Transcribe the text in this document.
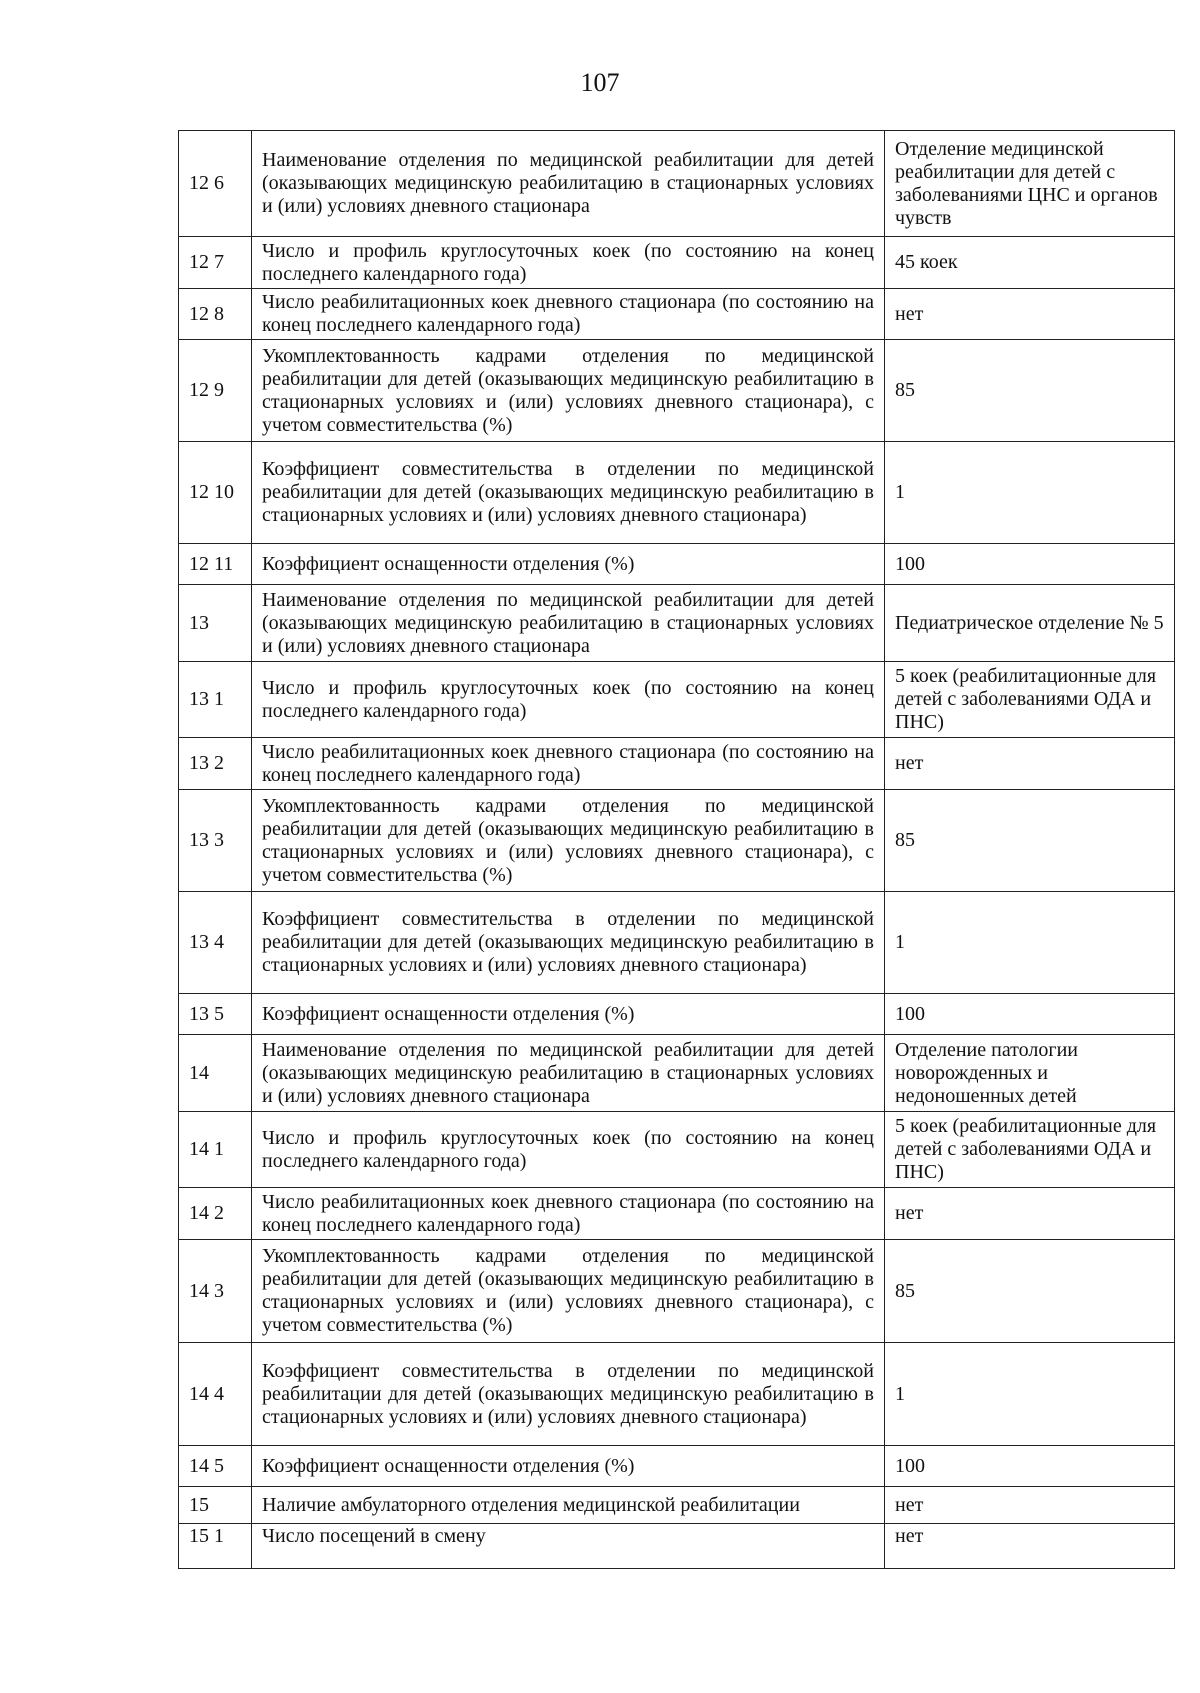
107
12 6	Наименование отделения по медицинской реабилитации для детей (оказывающих медицинскую реабилитацию в стационарных условиях и (или) условиях дневного стационара	Отделение медицинской реабилитации для детей с заболеваниями ЦНС и органов чувств
12 7	Число и профиль круглосуточных коек (по состоянию на конец последнего календарного года)	45 коек
12 8	Число реабилитационных коек дневного стационара (по состоянию на конец последнего календарного года)	нет
12 9	Укомплектованность кадрами отделения по медицинской реабилитации для детей (оказывающих медицинскую реабилитацию в стационарных условиях и (или) условиях дневного стационара), с учетом совместительства (%)	85
12 10	Коэффициент совместительства в отделении по медицинской реабилитации для детей (оказывающих медицинскую реабилитацию в стационарных условиях и (или) условиях дневного стационара)	1
12 11	Коэффициент оснащенности отделения (%)	100
13	Наименование отделения по медицинской реабилитации для детей (оказывающих медицинскую реабилитацию в стационарных условиях и (или) условиях дневного стационара	Педиатрическое отделение № 5
13 1	Число и профиль круглосуточных коек (по состоянию на конец последнего календарного года)	5 коек (реабилитационные для детей с заболеваниями ОДА и ПНС)
13 2	Число реабилитационных коек дневного стационара (по состоянию на конец последнего календарного года)	нет
13 3	Укомплектованность кадрами отделения по медицинской реабилитации для детей (оказывающих медицинскую реабилитацию в стационарных условиях и (или) условиях дневного стационара), с учетом совместительства (%)	85
13 4	Коэффициент совместительства в отделении по медицинской реабилитации для детей (оказывающих медицинскую реабилитацию в стационарных условиях и (или) условиях дневного стационара)	1
13 5	Коэффициент оснащенности отделения (%)	100
14	Наименование отделения по медицинской реабилитации для детей (оказывающих медицинскую реабилитацию в стационарных условиях и (или) условиях дневного стационара	Отделение патологии новорожденных и недоношенных детей
14 1	Число и профиль круглосуточных коек (по состоянию на конец последнего календарного года)	5 коек (реабилитационные для детей с заболеваниями ОДА и ПНС)
14 2	Число реабилитационных коек дневного стационара (по состоянию на конец последнего календарного года)	нет
14 3	Укомплектованность кадрами отделения по медицинской реабилитации для детей (оказывающих медицинскую реабилитацию в стационарных условиях и (или) условиях дневного стационара), с учетом совместительства (%)	85
14 4	Коэффициент совместительства в отделении по медицинской реабилитации для детей (оказывающих медицинскую реабилитацию в стационарных условиях и (или) условиях дневного стационара)	1
14 5	Коэффициент оснащенности отделения (%)	100
15	Наличие амбулаторного отделения медицинской реабилитации	нет
15 1	Число посещений в смену	нет
